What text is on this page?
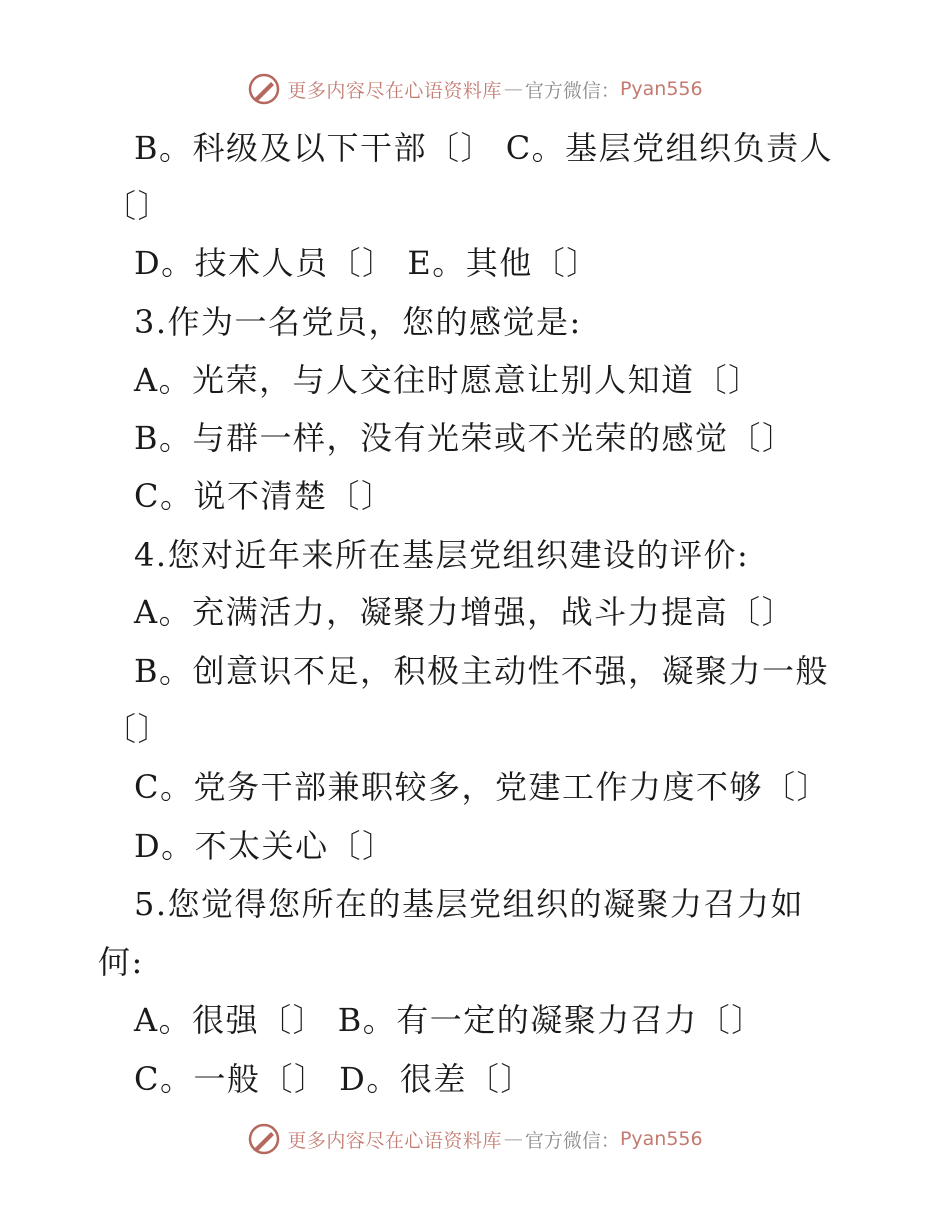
更多内容尽在心语资料库 — 官方微信： Pyan556
B。科级及以下干部〔〕 C。基层党组织负责人
〔〕
D。技术人员〔〕 E。其他〔〕
3.作为一名党员，您的感觉是:
A。光荣，与人交往时愿意让别人知道〔〕
B。与群一样，没有光荣或不光荣的感觉〔〕
C。说不清楚〔〕
4.您对近年来所在基层党组织建设的评价:
A。充满活力，凝聚力增强，战斗力提高〔〕
B。创意识不足，积极主动性不强，凝聚力一般
〔〕
C。党务干部兼职较多，党建工作力度不够〔〕
D。不太关心〔〕
5.您觉得您所在的基层党组织的凝聚力召力如
何:
A。很强〔〕 B。有一定的凝聚力召力〔〕
C。一般〔〕 D。很差〔〕
更多内容尽在心语资料库 — 官方微信： Pyan556
